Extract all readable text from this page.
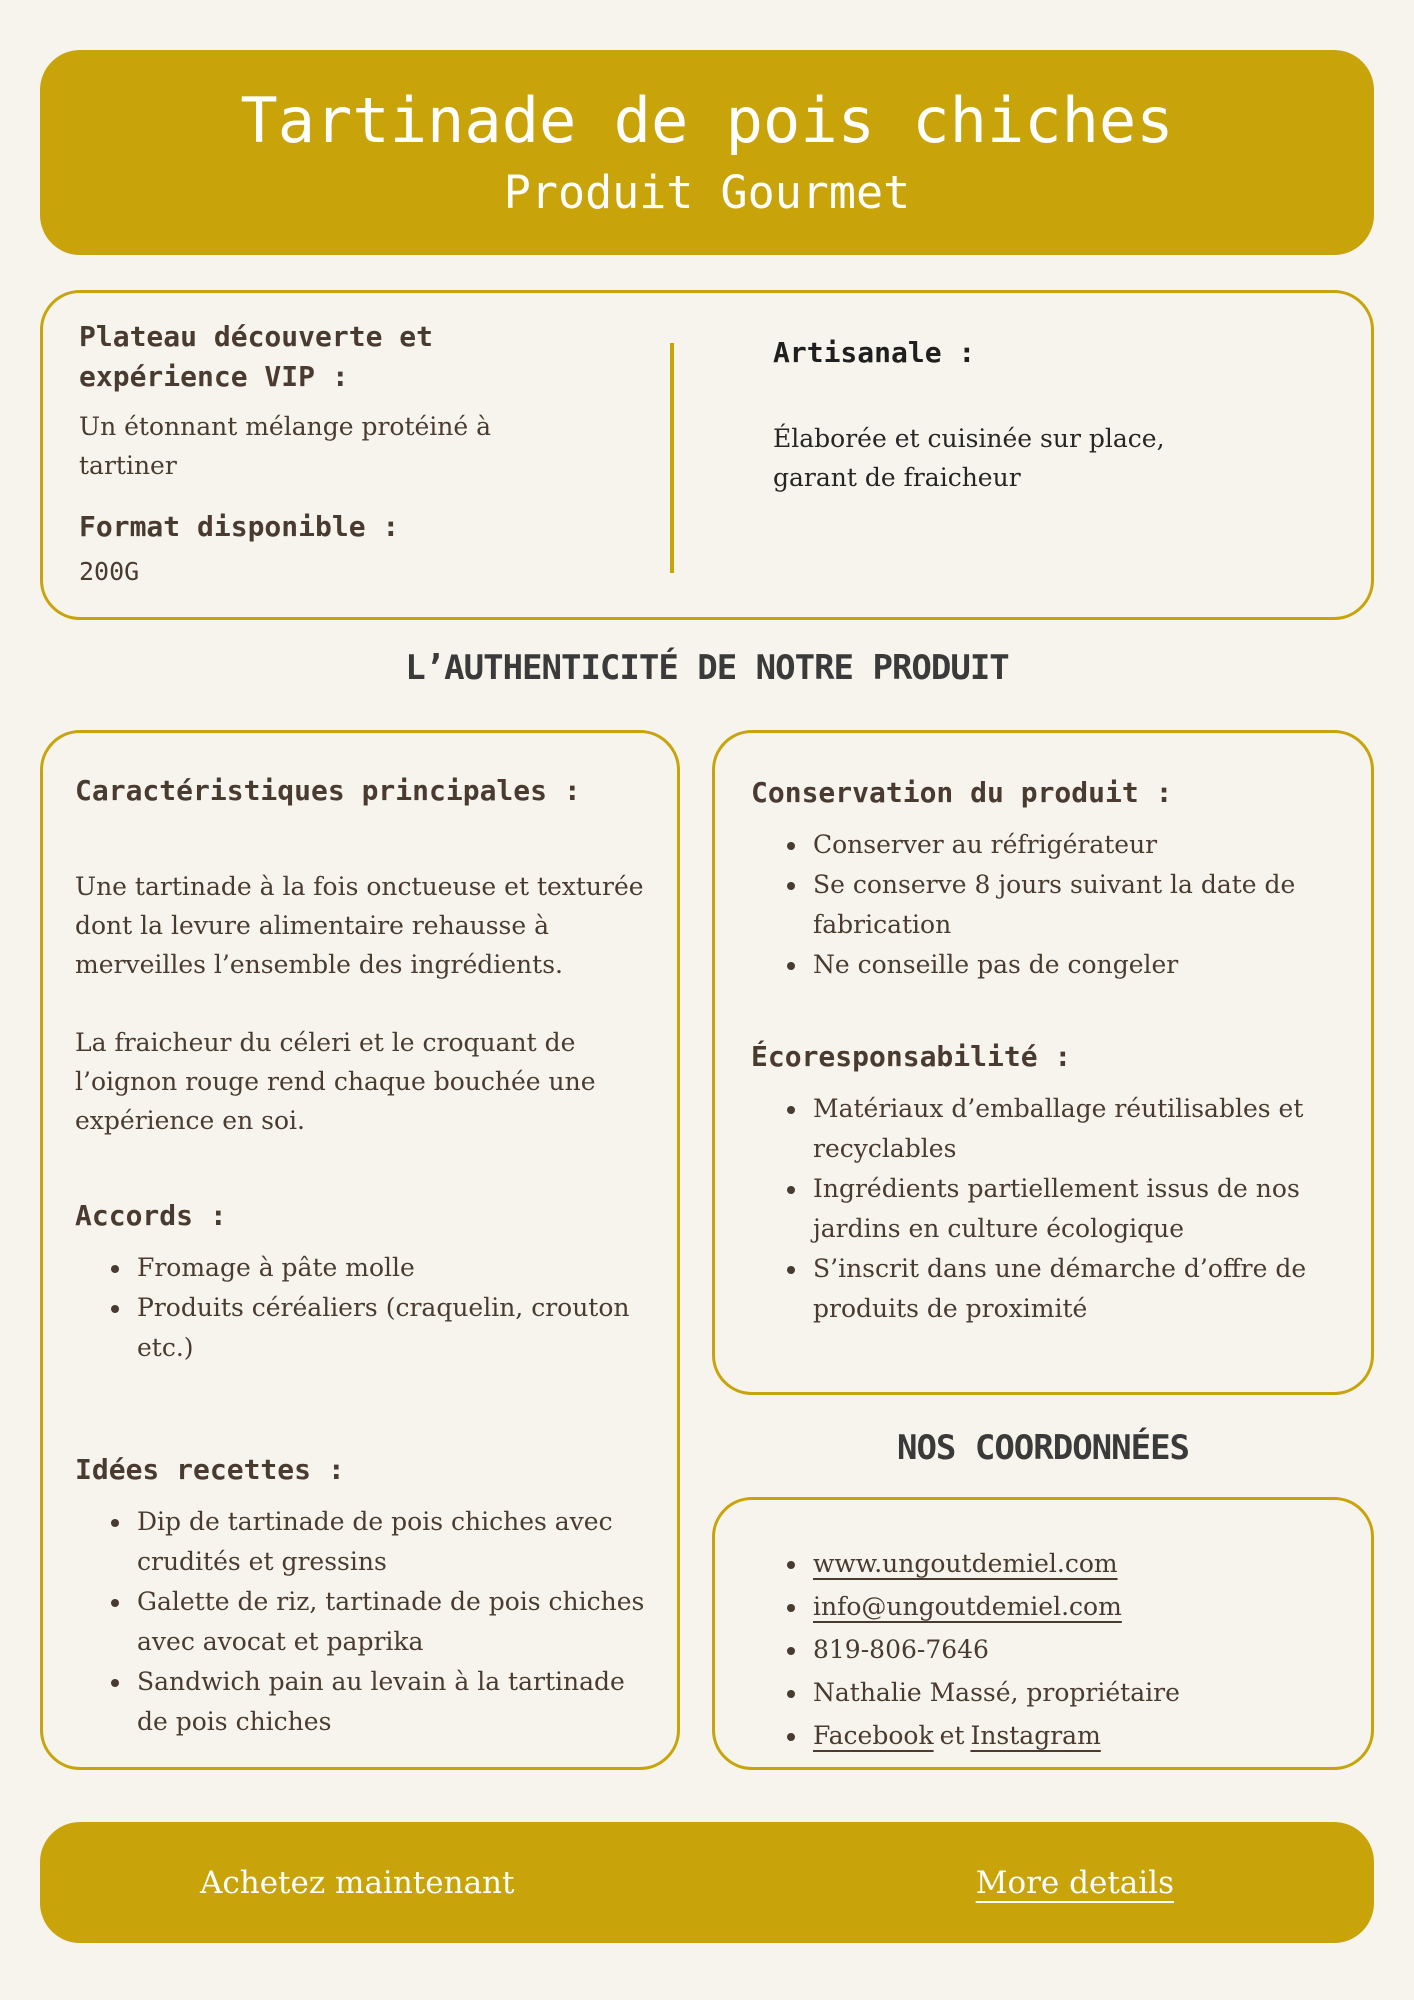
Tartinade de pois chiches
Produit Gourmet
Plateau découverte et expérience VIP :

Un étonnant mélange protéiné à tartiner

Format disponible :
200G
Artisanale :

Élaborée et cuisinée sur place, garant de fraicheur

L’AUTHENTICITÉ DE NOTRE PRODUIT
Caractéristiques principales :

Une tartinade à la fois onctueuse et texturée dont la levure alimentaire rehausse à merveilles l’ensemble des ingrédients.

La fraicheur du céleri et le croquant de l’oignon rouge rend chaque bouchée une expérience en soi.

Accords :
• Fromage à pâte molle
• Produits céréaliers (craquelin, crouton etc.)
Idées recettes :
• Dip de tartinade de pois chiches avec crudités et gressins
• Galette de riz, tartinade de pois chiches avec avocat et paprika
• Sandwich pain au levain à la tartinade de pois chiches
Conservation du produit :
• Conserver au réfrigérateur
• Se conserve 8 jours suivant la date de fabrication
• Ne conseille pas de congeler
Écoresponsabilité :
• Matériaux d’emballage réutilisables et recyclables
• Ingrédients partiellement issus de nos jardins en culture écologique
• S’inscrit dans une démarche d’offre de produits de proximité
NOS COORDONNÉES
• www.ungoutdemiel.com
• info@ungoutdemiel.com
• 819-806-7646
• Nathalie Massé, propriétaire
• Facebook et Instagram
Achetez maintenant	More details
